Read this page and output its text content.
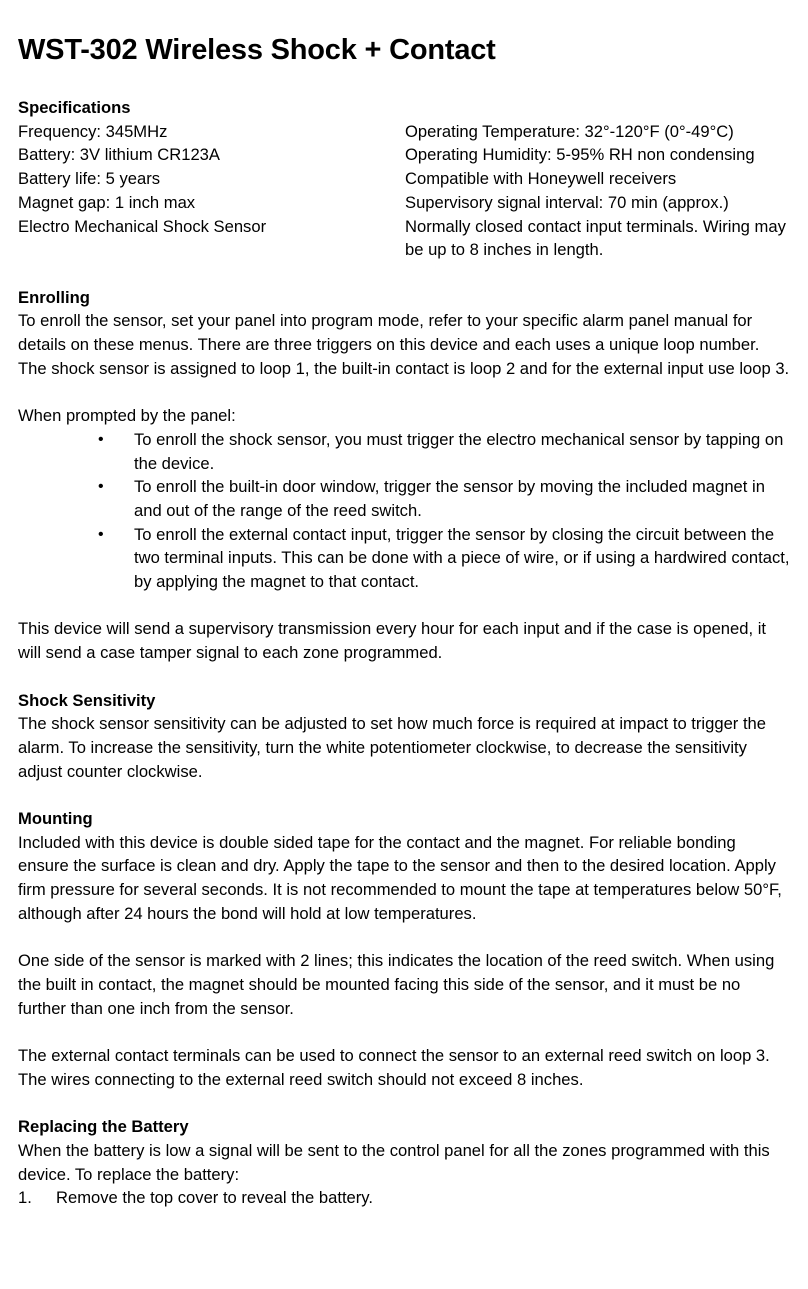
WST-302 Wireless Shock + Contact
Specifications
Frequency: 345MHz
Battery: 3V lithium CR123A
Battery life: 5 years
Magnet gap: 1 inch max
Electro Mechanical Shock Sensor
Operating Temperature: 32°-120°F (0°-49°C)
Operating Humidity: 5-95% RH non condensing
Compatible with Honeywell receivers
Supervisory signal interval: 70 min (approx.)
Normally closed contact input terminals. Wiring may be up to 8 inches in length.
Enrolling

To enroll the sensor, set your panel into program mode, refer to your specific alarm panel manual for details on these menus. There are three triggers on this device and each uses a unique loop number. The shock sensor is assigned to loop 1, the built-in contact is loop 2 and for the external input use loop 3.

When prompted by the panel:

• To enroll the shock sensor, you must trigger the electro mechanical sensor by tapping on the device.
• To enroll the built-in door window, trigger the sensor by moving the included magnet in and out of the range of the reed switch.
• To enroll the external contact input, trigger the sensor by closing the circuit between the two terminal inputs. This can be done with a piece of wire, or if using a hardwired contact, by applying the magnet to that contact.

This device will send a supervisory transmission every hour for each input and if the case is opened, it will send a case tamper signal to each zone programmed.

Shock Sensitivity

The shock sensor sensitivity can be adjusted to set how much force is required at impact to trigger the alarm. To increase the sensitivity, turn the white potentiometer clockwise, to decrease the sensitivity adjust counter clockwise.

Mounting

Included with this device is double sided tape for the contact and the magnet. For reliable bonding ensure the surface is clean and dry. Apply the tape to the sensor and then to the desired location. Apply firm pressure for several seconds. It is not recommended to mount the tape at temperatures below 50°F, although after 24 hours the bond will hold at low temperatures.

One side of the sensor is marked with 2 lines; this indicates the location of the reed switch. When using the built in contact, the magnet should be mounted facing this side of the sensor, and it must be no further than one inch from the sensor.

The external contact terminals can be used to connect the sensor to an external reed switch on loop 3. The wires connecting to the external reed switch should not exceed 8 inches.

Replacing the Battery

When the battery is low a signal will be sent to the control panel for all the zones programmed with this device. To replace the battery:

1. Remove the top cover to reveal the battery.
